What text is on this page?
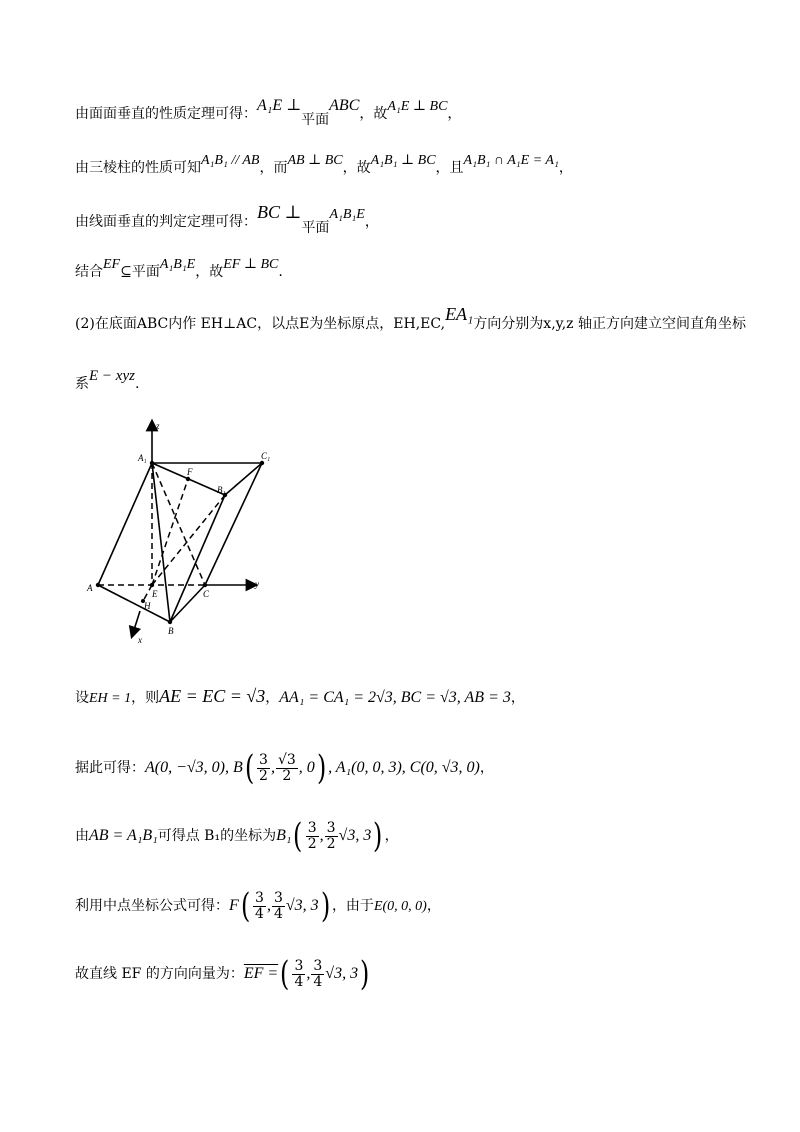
由面面垂直的性质定理可得：A₁E ⊥平面ABC，故A₁E ⊥ BC，
由三棱柱的性质可知A₁B₁ // AB，而AB ⊥ BC，故A₁B₁ ⊥ BC，且A₁B₁ ∩ A₁E = A₁，
由线面垂直的判定定理可得：BC ⊥平面A₁B₁E，
结合EF⊆平面A₁B₁E，故EF ⊥ BC.
(2)在底面ABC内作 EH⊥AC，以点E为坐标原点，EH,EC,EA₁方向分别为x,y,z 轴正方向建立空间直角坐标
系E − xyz.
z
y
x
A₁	C₁
B₁
F
A
E	C
H
B
设EH = 1，则AE = EC = √3，AA₁ = CA₁ = 2√3, BC = √3, AB = 3，
据此可得：A(0, −√3, 0), $B( \frac{3}{2}$ , $\frac{√3}{2}$ , 0) , A₁(0, 0, 3), C(0, √3, 0)，
由AB = A₁B₁可得点 B₁的坐标为$B_1( \frac{3}{2}$ , $\frac{3}{2} √3$, 3) ，
利用中点坐标公式可得：$F( \frac{3}{4}$ , $\frac{3}{4} √3$, 3) ，由于E(0, 0, 0)，
故直线 EF 的方向向量为：EF =( $\frac{3}{4}$ , $\frac{3}{4} √3$, 3)
